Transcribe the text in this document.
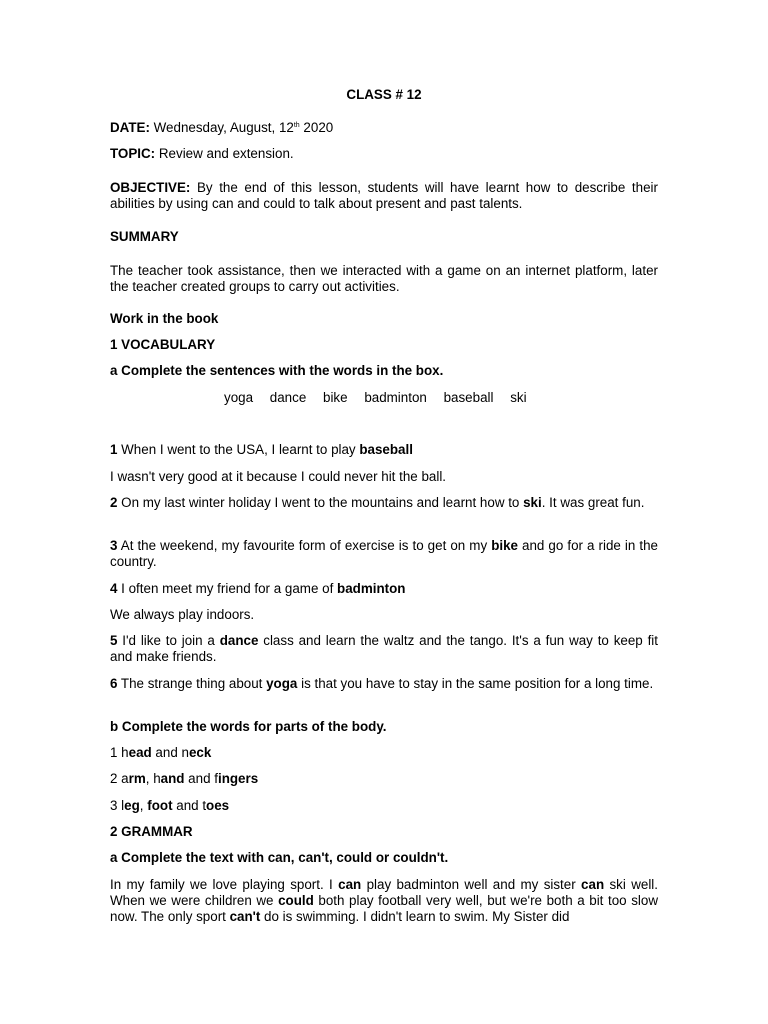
CLASS # 12

DATE: Wednesday, August, 12th 2020

TOPIC: Review and extension.

OBJECTIVE: By the end of this lesson, students will have learnt how to describe their abilities by using can and could to talk about present and past talents.

SUMMARY

The teacher took assistance, then we interacted with a game on an internet platform, later the teacher created groups to carry out activities.

Work in the book

1 VOCABULARY

a Complete the sentences with the words in the box.

yoga dance bike badminton baseball ski

1 When I went to the USA, I learnt to play baseball

I wasn't very good at it because I could never hit the ball.

2 On my last winter holiday I went to the mountains and learnt how to ski. It was great fun.

3 At the weekend, my favourite form of exercise is to get on my bike and go for a ride in the country.

4 I often meet my friend for a game of badminton

We always play indoors.

5 I'd like to join a dance class and learn the waltz and the tango. It's a fun way to keep fit and make friends.

6 The strange thing about yoga is that you have to stay in the same position for a long time.

b Complete the words for parts of the body.

1 head and neck

2 arm, hand and fingers

3 leg, foot and toes

2 GRAMMAR

a Complete the text with can, can't, could or couldn't.

In my family we love playing sport. I can play badminton well and my sister can ski well. When we were children we could both play football very well, but we're both a bit too slow now. The only sport can't do is swimming. I didn't learn to swim. My Sister did
